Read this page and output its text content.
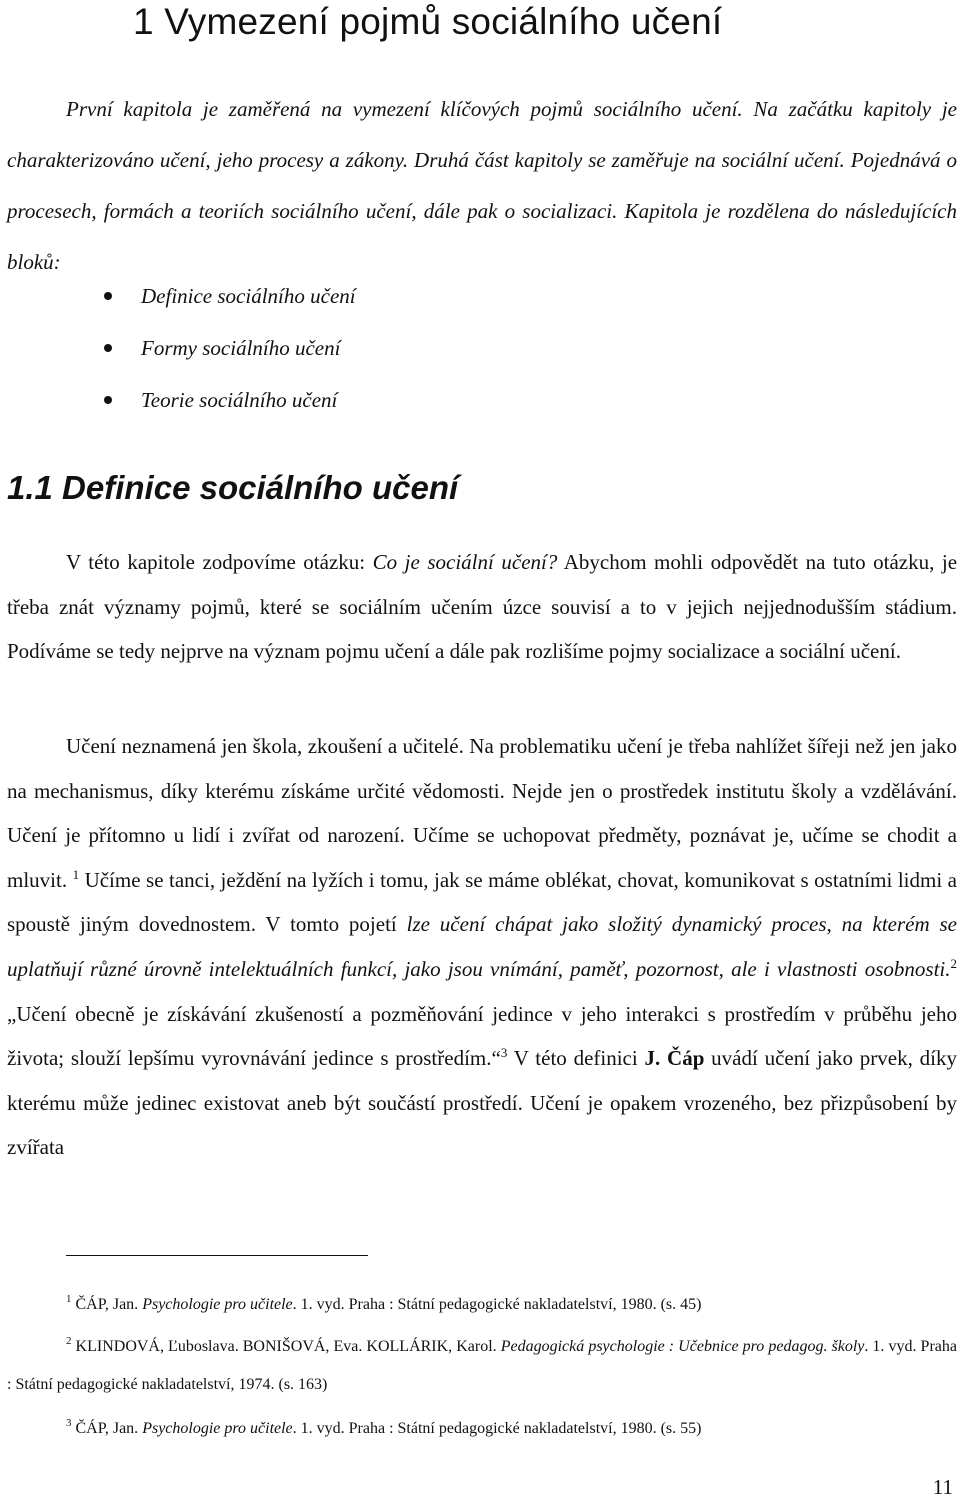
1 Vymezení pojmů sociálního učení

První kapitola je zaměřená na vymezení klíčových pojmů sociálního učení. Na začátku kapitoly je charakterizováno učení, jeho procesy a zákony. Druhá část kapitoly se zaměřuje na sociální učení. Pojednává o procesech, formách a teoriích sociálního učení, dále pak o socializaci. Kapitola je rozdělena do následujících bloků:

Definice sociálního učení
Formy sociálního učení
Teorie sociálního učení
1.1 Definice sociálního učení

V této kapitole zodpovíme otázku: Co je sociální učení? Abychom mohli odpovědět na tuto otázku, je třeba znát významy pojmů, které se sociálním učením úzce souvisí a to v jejich nejjednodušším stádium. Podíváme se tedy nejprve na význam pojmu učení a dále pak rozlišíme pojmy socializace a sociální učení.

Učení neznamená jen škola, zkoušení a učitelé. Na problematiku učení je třeba nahlížet šířeji než jen jako na mechanismus, díky kterému získáme určité vědomosti. Nejde jen o prostředek institutu školy a vzdělávání. Učení je přítomno u lidí i zvířat od narození. Učíme se uchopovat předměty, poznávat je, učíme se chodit a mluvit. $^1$ Učíme se tanci, ježdění na lyžích i tomu, jak se máme oblékat, chovat, komunikovat s ostatními lidmi a spoustě jiným dovednostem. V tomto pojetí lze učení chápat jako složitý dynamický proces, na kterém se uplatňují různé úrovně intelektuálních funkcí, jako jsou vnímání, paměť, pozornost, ale i vlastnosti osobnosti.$^2$ „Učení obecně je získávání zkušeností a pozměňování jedince v jeho interakci s prostředím v průběhu jeho života; slouží lepšímu vyrovnávání jedince s prostředím.“$^3$ V této definici J. Čáp uvádí učení jako prvek, díky kterému může jedinec existovat aneb být součástí prostředí. Učení je opakem vrozeného, bez přizpůsobení by zvířata

$^1$ ČÁP, Jan. Psychologie pro učitele. 1. vyd. Praha : Státní pedagogické nakladatelství, 1980. (s. 45)

$^2$ KLINDOVÁ, Ľuboslava. BONIŠOVÁ, Eva. KOLLÁRIK, Karol. Pedagogická psychologie : Učebnice pro pedagog. školy. 1. vyd. Praha : Státní pedagogické nakladatelství, 1974. (s. 163)

$^3$ ČÁP, Jan. Psychologie pro učitele. 1. vyd. Praha : Státní pedagogické nakladatelství, 1980. (s. 55)

11
